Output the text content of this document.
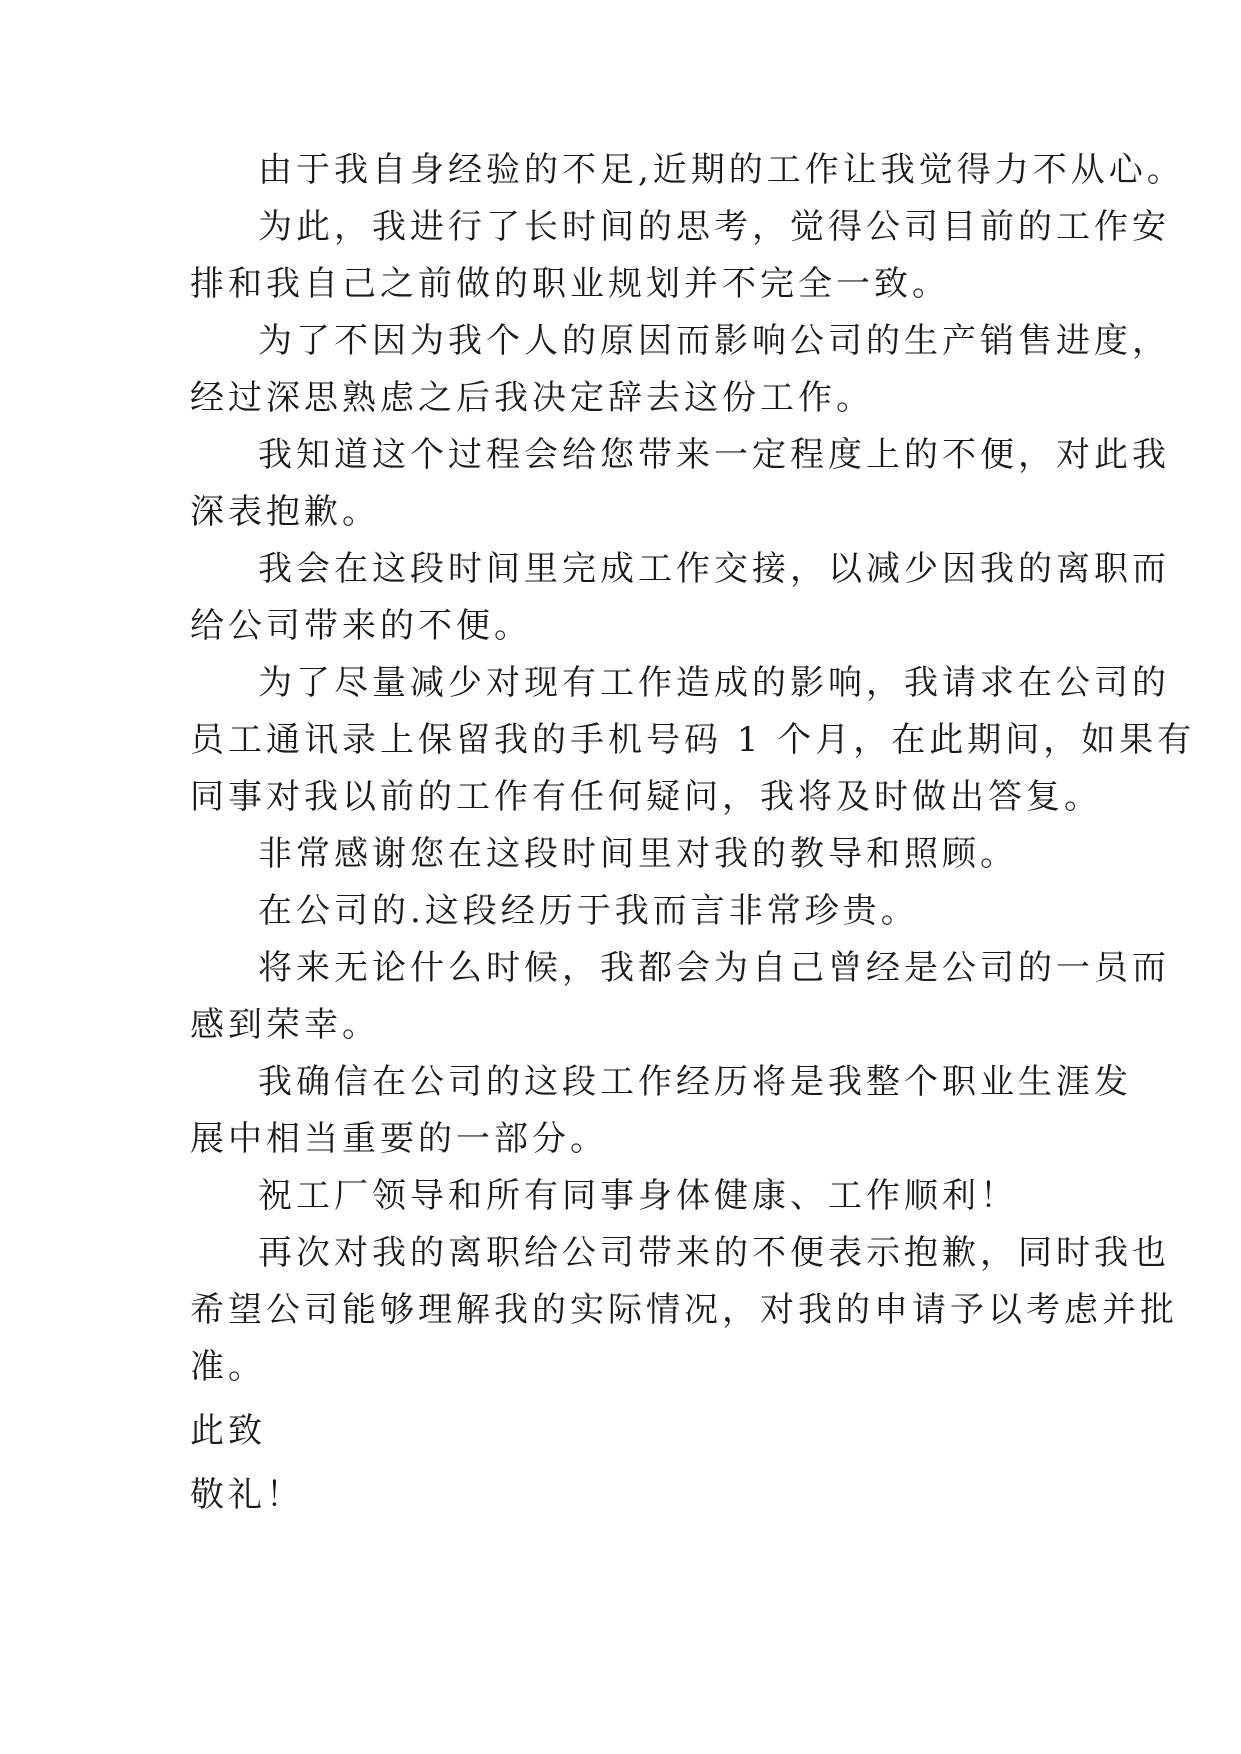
由于我自身经验的不足,近期的工作让我觉得力不从心。
为此，我进行了长时间的思考，觉得公司目前的工作安
排和我自己之前做的职业规划并不完全一致。
为了不因为我个人的原因而影响公司的生产销售进度，
经过深思熟虑之后我决定辞去这份工作。
我知道这个过程会给您带来一定程度上的不便，对此我
深表抱歉。
我会在这段时间里完成工作交接，以减少因我的离职而
给公司带来的不便。
为了尽量减少对现有工作造成的影响，我请求在公司的
员工通讯录上保留我的手机号码 1 个月，在此期间，如果有
同事对我以前的工作有任何疑问，我将及时做出答复。
非常感谢您在这段时间里对我的教导和照顾。
在公司的.这段经历于我而言非常珍贵。
将来无论什么时候，我都会为自己曾经是公司的一员而
感到荣幸。
我确信在公司的这段工作经历将是我整个职业生涯发
展中相当重要的一部分。
祝工厂领导和所有同事身体健康、工作顺利！
再次对我的离职给公司带来的不便表示抱歉，同时我也
希望公司能够理解我的实际情况，对我的申请予以考虑并批
准。
此致
敬礼！
